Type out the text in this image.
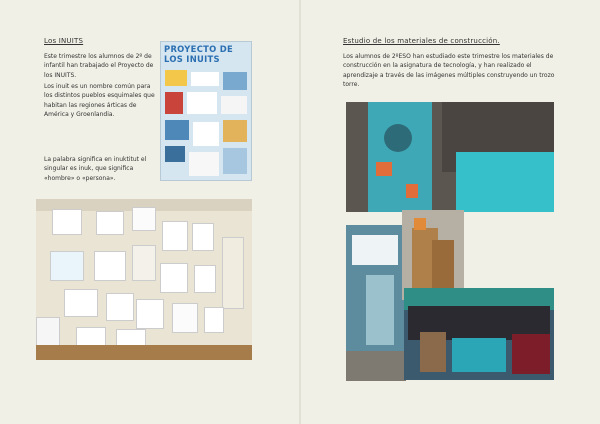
Los INUITS
Este trimestre los alumnos de 2º de infantil han trabajado el Proyecto de los INUITS.
Los inuit es un nombre común para los distintos pueblos esquimales que habitan las regiones árticas de América y Groenlandia.
La palabra significa en inuktitut el singular es inuk, que significa «hombre» o «persona».
PROYECTO DE
LOS INUITS
Estudio de los materiales de construcción.
Los alumnos de 2ºESO han estudiado este trimestre los materiales de construcción en la asignatura de tecnología, y han realizado el aprendizaje a través de las imágenes múltiples construyendo un trozo torre.
